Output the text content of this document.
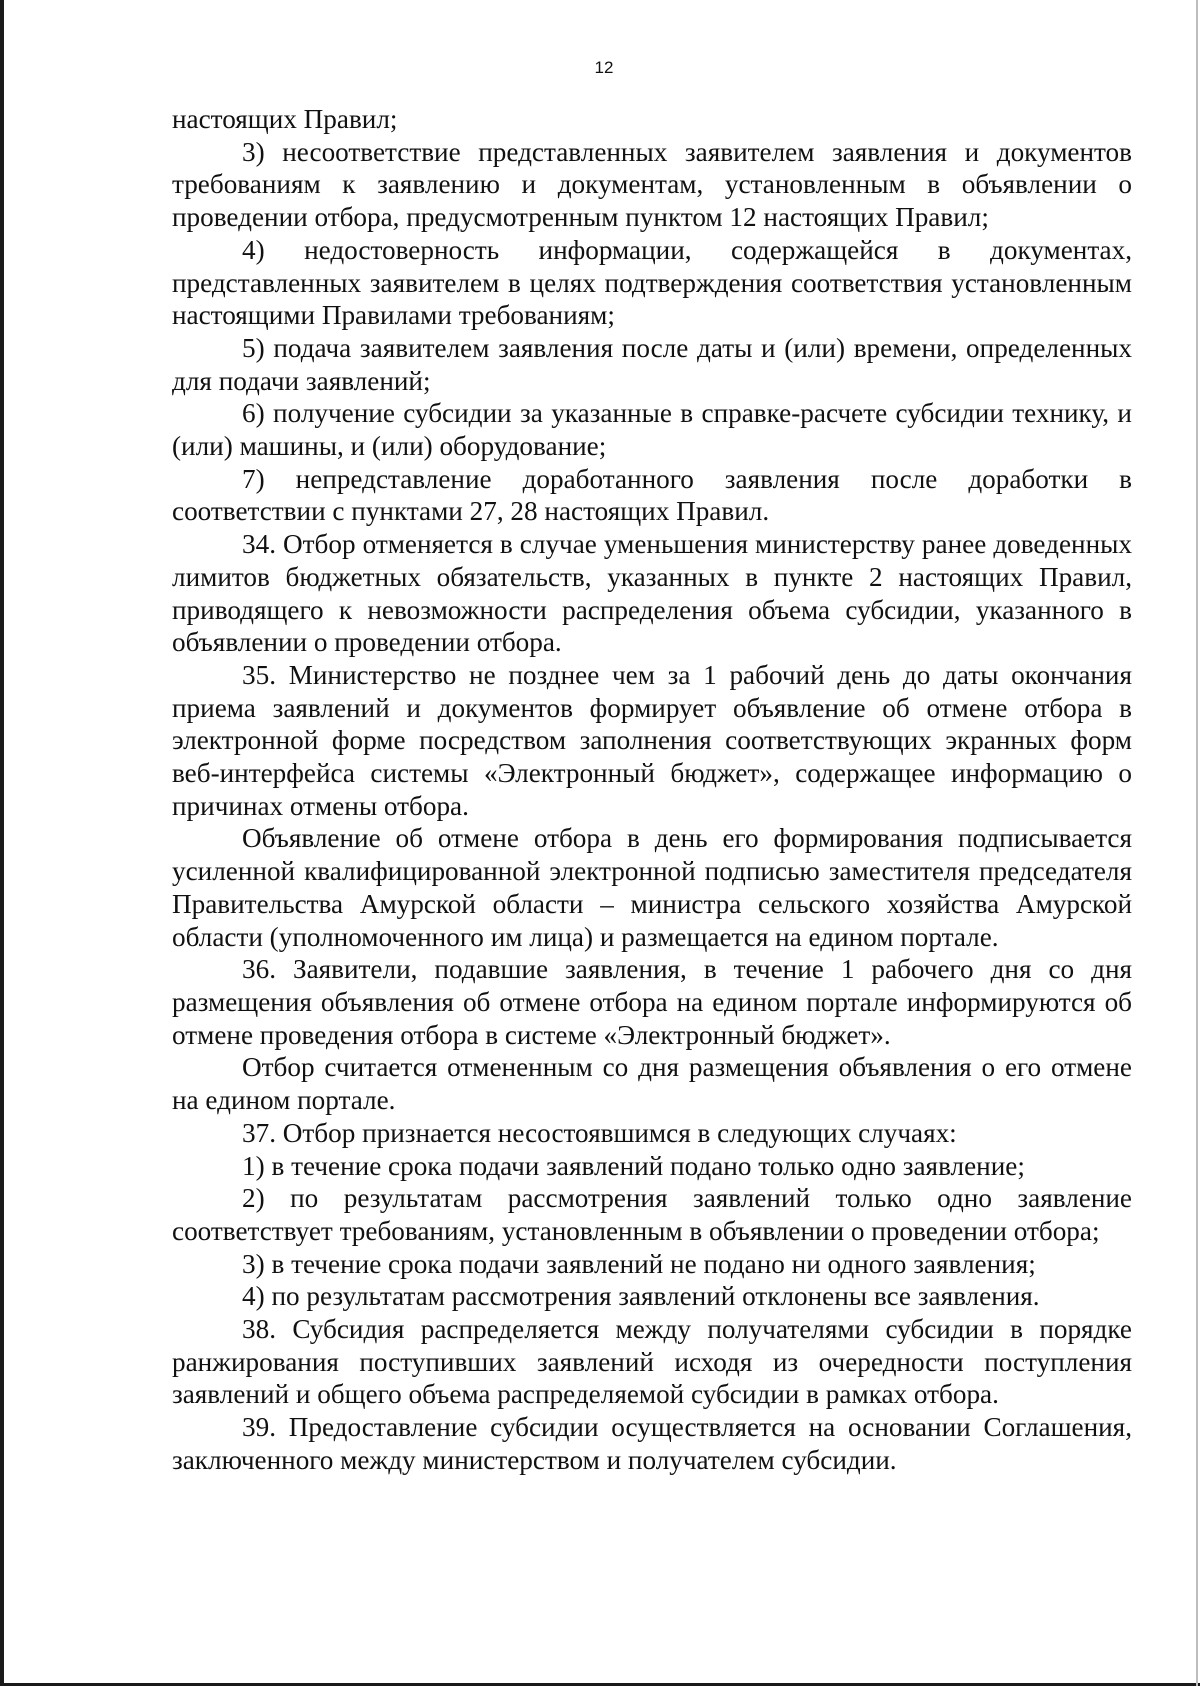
12

настоящих Правил;

3) несоответствие представленных заявителем заявления и документов требованиям к заявлению и документам, установленным в объявлении о проведении отбора, предусмотренным пунктом 12 настоящих Правил;

4) недостоверность информации, содержащейся в документах, представленных заявителем в целях подтверждения соответствия установленным настоящими Правилами требованиям;

5) подача заявителем заявления после даты и (или) времени, определенных для подачи заявлений;

6) получение субсидии за указанные в справке-расчете субсидии технику, и (или) машины, и (или) оборудование;

7) непредставление доработанного заявления после доработки в соответствии с пунктами 27, 28 настоящих Правил.

34. Отбор отменяется в случае уменьшения министерству ранее доведенных лимитов бюджетных обязательств, указанных в пункте 2 настоящих Правил, приводящего к невозможности распределения объема субсидии, указанного в объявлении о проведении отбора.

35. Министерство не позднее чем за 1 рабочий день до даты окончания приема заявлений и документов формирует объявление об отмене отбора в электронной форме посредством заполнения соответствующих экранных форм веб-интерфейса системы «Электронный бюджет», содержащее информацию о причинах отмены отбора.

Объявление об отмене отбора в день его формирования подписывается усиленной квалифицированной электронной подписью заместителя председателя Правительства Амурской области – министра сельского хозяйства Амурской области (уполномоченного им лица) и размещается на едином портале.

36. Заявители, подавшие заявления, в течение 1 рабочего дня со дня размещения объявления об отмене отбора на едином портале информируются об отмене проведения отбора в системе «Электронный бюджет».

Отбор считается отмененным со дня размещения объявления о его отмене на едином портале.

37. Отбор признается несостоявшимся в следующих случаях:

1) в течение срока подачи заявлений подано только одно заявление;

2) по результатам рассмотрения заявлений только одно заявление соответствует требованиям, установленным в объявлении о проведении отбора;

3) в течение срока подачи заявлений не подано ни одного заявления;

4) по результатам рассмотрения заявлений отклонены все заявления.

38. Субсидия распределяется между получателями субсидии в порядке ранжирования поступивших заявлений исходя из очередности поступления заявлений и общего объема распределяемой субсидии в рамках отбора.

39. Предоставление субсидии осуществляется на основании Соглашения, заключенного между министерством и получателем субсидии.
